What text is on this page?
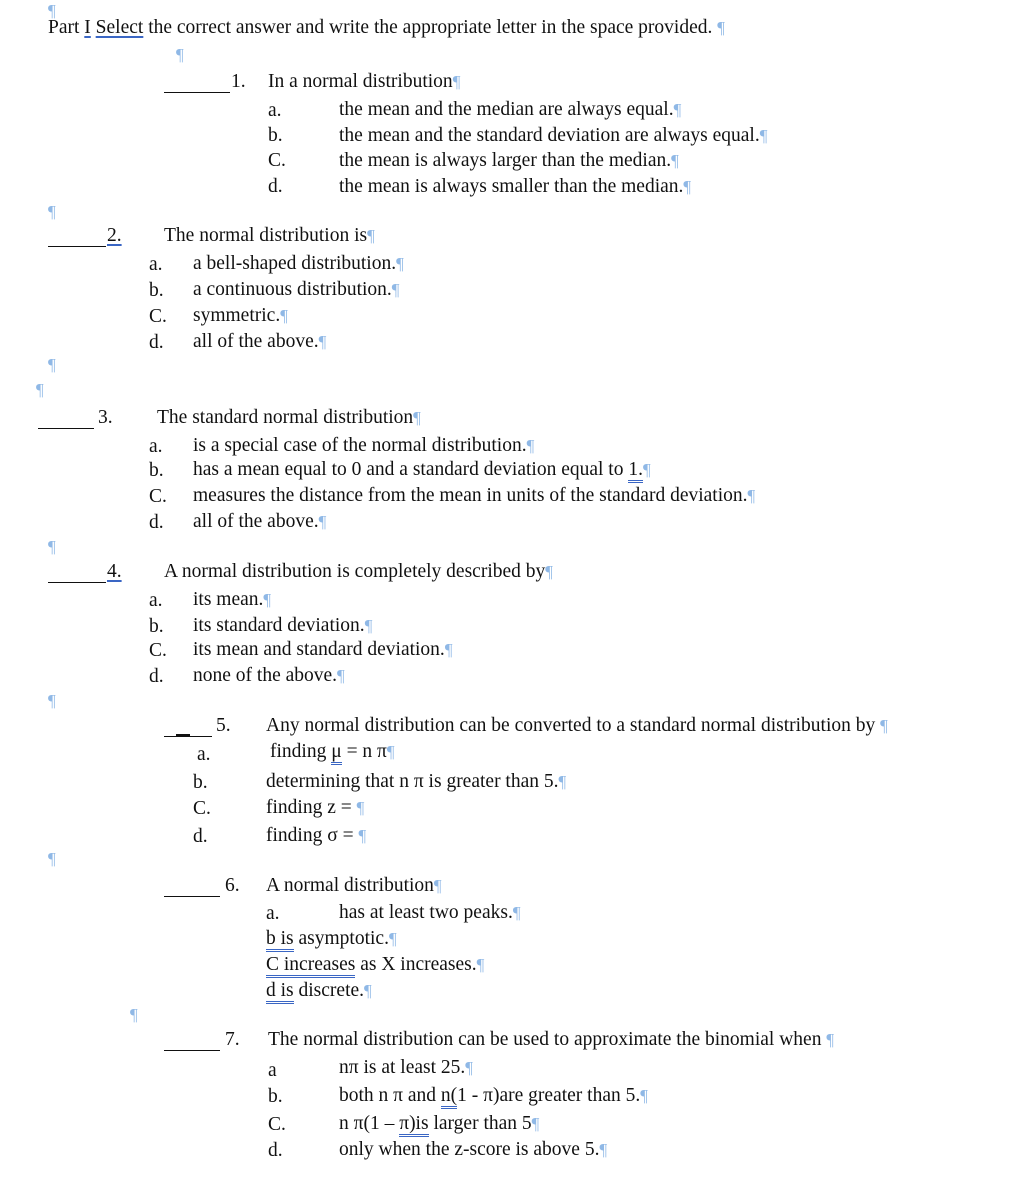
Part I Select the correct answer and write the appropriate letter in the space provided. ¶
¶
¶
1. In a normal distribution¶
a.	the mean and the median are always equal.¶
b.	the mean and the standard deviation are always equal.¶
C.	the mean is always larger than the median.¶
d.	the mean is always smaller than the median.¶
¶
2. The normal distribution is¶
a. a bell-shaped distribution.¶
b. a continuous distribution.¶
C. symmetric.¶
d. all of the above.¶
¶
¶
3. The standard normal distribution¶
a. is a special case of the normal distribution.¶
b. has a mean equal to 0 and a standard deviation equal to 1.¶
C. measures the distance from the mean in units of the standard deviation.¶
d. all of the above.¶
¶
4. A normal distribution is completely described by¶
a. its mean.¶
b. its standard deviation.¶
C. its mean and standard deviation.¶
d. none of the above.¶
¶
5. Any normal distribution can be converted to a standard normal distribution by ¶
a.	finding μ = n π¶
b.	determining that n π is greater than 5.¶
C.	finding z = ¶
d.	finding σ = ¶
¶
6. A normal distribution¶
a.	has at least two peaks.¶
b is asymptotic.¶
C increases as X increases.¶
d is discrete.¶
¶
7. The normal distribution can be used to approximate the binomial when ¶
a	nπ is at least 25.¶
b.	both n π and n(1 - π)are greater than 5.¶
C.	n π(1 – π)is larger than 5¶
d.	only when the z-score is above 5.¶
